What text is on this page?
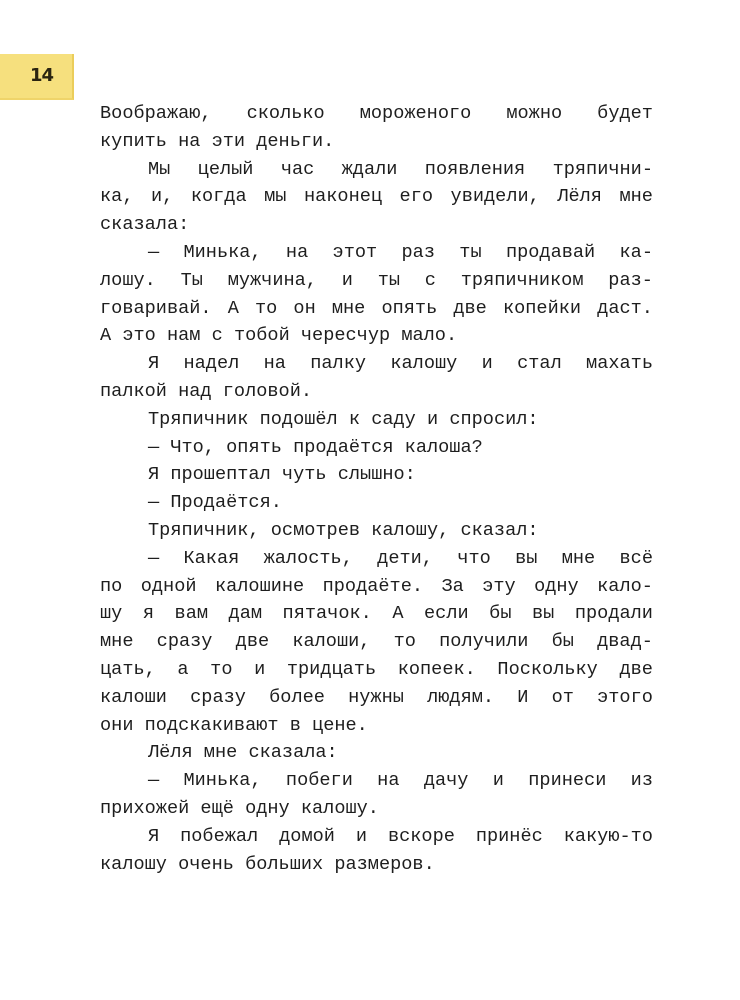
14
Воображаю, сколько мороженого можно будет
купить на эти деньги.
Мы целый час ждали появления тряпични-
ка, и, когда мы наконец его увидели, Лёля мне
сказала:
— Минька, на этот раз ты продавай ка-
лошу. Ты мужчина, и ты с тряпичником раз-
говаривай. А то он мне опять две копейки даст.
А это нам с тобой чересчур мало.
Я надел на палку калошу и стал махать
палкой над головой.
Тряпичник подошёл к саду и спросил:
— Что, опять продаётся калоша?
Я прошептал чуть слышно:
— Продаётся.
Тряпичник, осмотрев калошу, сказал:
— Какая жалость, дети, что вы мне всё
по одной калошине продаёте. За эту одну кало-
шу я вам дам пятачок. А если бы вы продали
мне сразу две калоши, то получили бы двад-
цать, а то и тридцать копеек. Поскольку две
калоши сразу более нужны людям. И от этого
они подскакивают в цене.
Лёля мне сказала:
— Минька, побеги на дачу и принеси из
прихожей ещё одну калошу.
Я побежал домой и вскоре принёс какую-то
калошу очень больших размеров.
